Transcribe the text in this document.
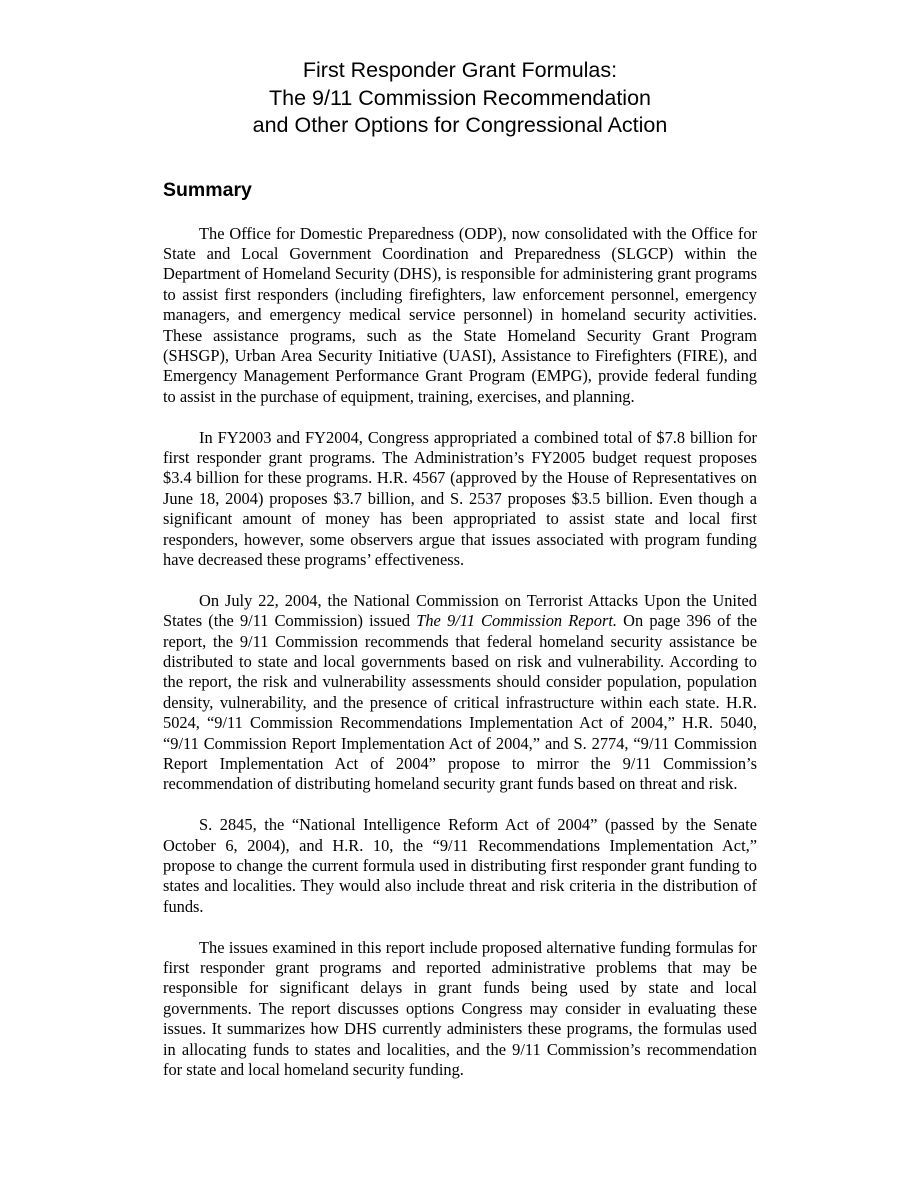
First Responder Grant Formulas:
The 9/11 Commission Recommendation
and Other Options for Congressional Action
Summary

The Office for Domestic Preparedness (ODP), now consolidated with the Office for State and Local Government Coordination and Preparedness (SLGCP) within the Department of Homeland Security (DHS), is responsible for administering grant programs to assist first responders (including firefighters, law enforcement personnel, emergency managers, and emergency medical service personnel) in homeland security activities. These assistance programs, such as the State Homeland Security Grant Program (SHSGP), Urban Area Security Initiative (UASI), Assistance to Firefighters (FIRE), and Emergency Management Performance Grant Program (EMPG), provide federal funding to assist in the purchase of equipment, training, exercises, and planning.

In FY2003 and FY2004, Congress appropriated a combined total of $7.8 billion for first responder grant programs. The Administration’s FY2005 budget request proposes $3.4 billion for these programs. H.R. 4567 (approved by the House of Representatives on June 18, 2004) proposes $3.7 billion, and S. 2537 proposes $3.5 billion. Even though a significant amount of money has been appropriated to assist state and local first responders, however, some observers argue that issues associated with program funding have decreased these programs’ effectiveness.

On July 22, 2004, the National Commission on Terrorist Attacks Upon the United States (the 9/11 Commission) issued The 9/11 Commission Report. On page 396 of the report, the 9/11 Commission recommends that federal homeland security assistance be distributed to state and local governments based on risk and vulnerability. According to the report, the risk and vulnerability assessments should consider population, population density, vulnerability, and the presence of critical infrastructure within each state. H.R. 5024, “9/11 Commission Recommendations Implementation Act of 2004,” H.R. 5040, “9/11 Commission Report Implementation Act of 2004,” and S. 2774, “9/11 Commission Report Implementation Act of 2004” propose to mirror the 9/11 Commission’s recommendation of distributing homeland security grant funds based on threat and risk.

S. 2845, the “National Intelligence Reform Act of 2004” (passed by the Senate October 6, 2004), and H.R. 10, the “9/11 Recommendations Implementation Act,” propose to change the current formula used in distributing first responder grant funding to states and localities. They would also include threat and risk criteria in the distribution of funds.

The issues examined in this report include proposed alternative funding formulas for first responder grant programs and reported administrative problems that may be responsible for significant delays in grant funds being used by state and local governments. The report discusses options Congress may consider in evaluating these issues. It summarizes how DHS currently administers these programs, the formulas used in allocating funds to states and localities, and the 9/11 Commission’s recommendation for state and local homeland security funding.
